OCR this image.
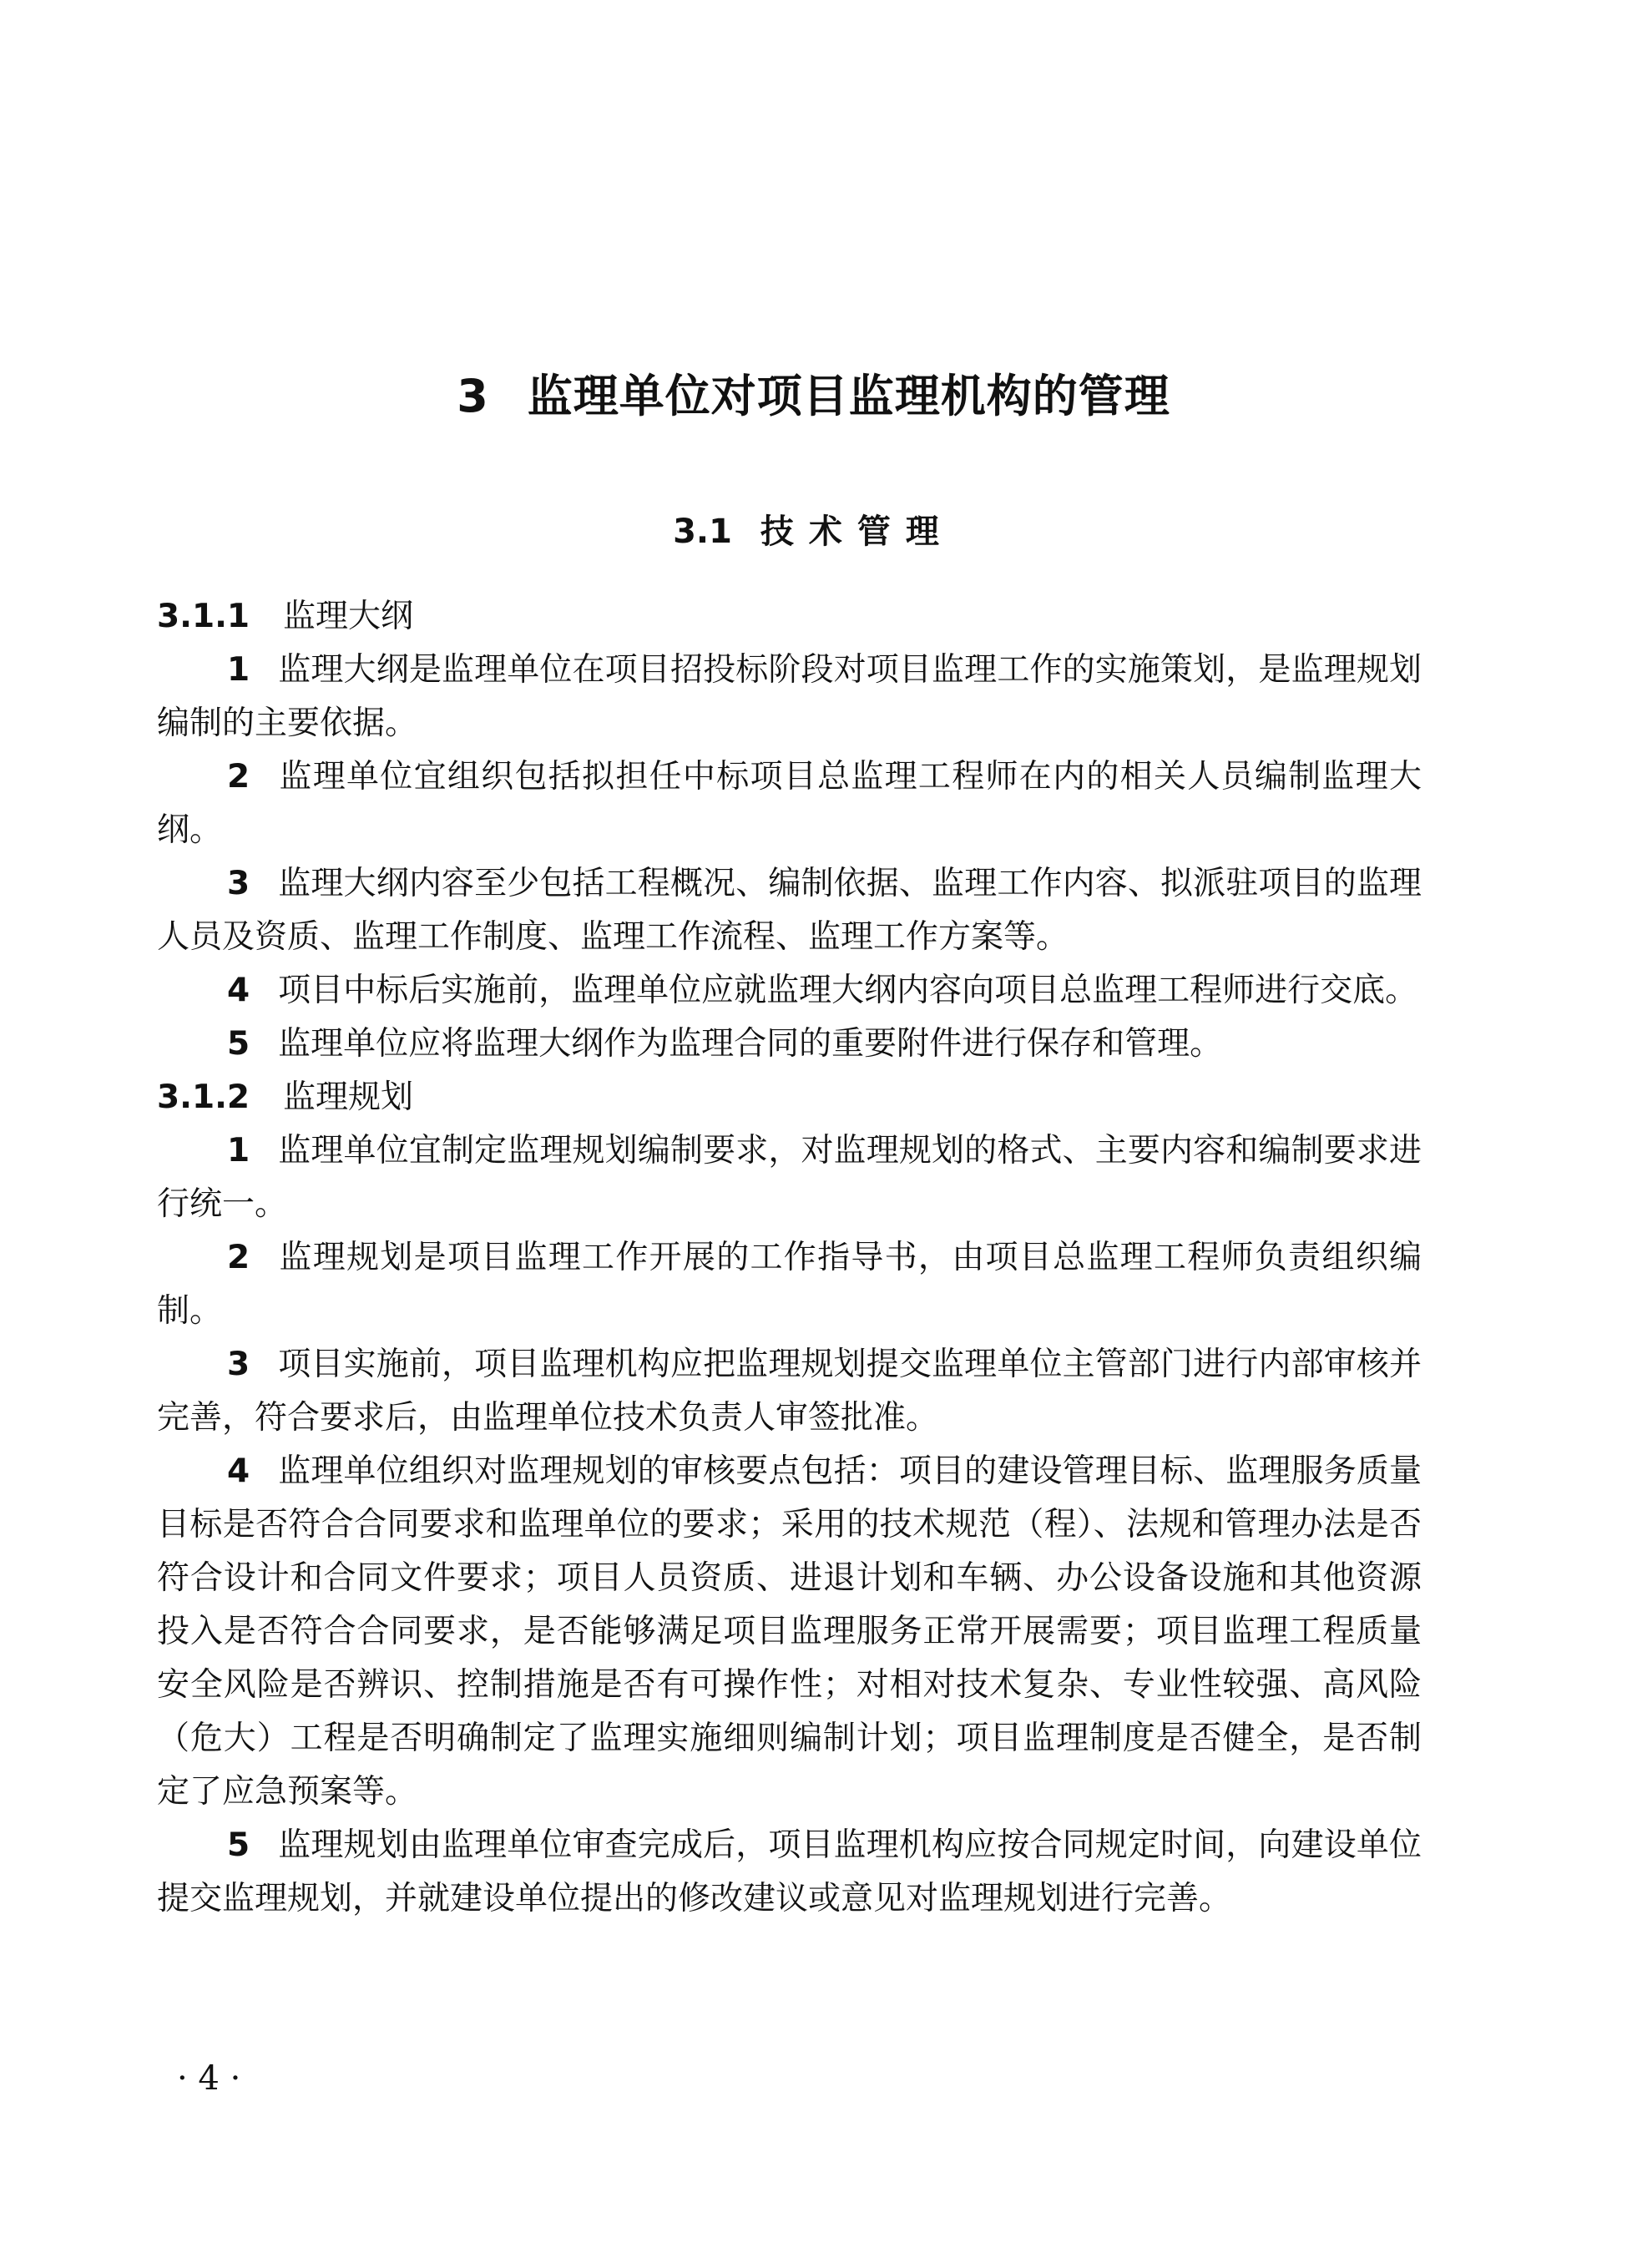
3 监理单位对项目监理机构的管理
3.1 技术管理

3.1.1 监理大纲

1 监理大纲是监理单位在项目招投标阶段对项目监理工作的实施策划，是监理规划编制的主要依据。

2 监理单位宜组织包括拟担任中标项目总监理工程师在内的相关人员编制监理大纲。

3 监理大纲内容至少包括工程概况、编制依据、监理工作内容、拟派驻项目的监理人员及资质、监理工作制度、监理工作流程、监理工作方案等。

4 项目中标后实施前，监理单位应就监理大纲内容向项目总监理工程师进行交底。

5 监理单位应将监理大纲作为监理合同的重要附件进行保存和管理。

3.1.2 监理规划

1 监理单位宜制定监理规划编制要求，对监理规划的格式、主要内容和编制要求进行统一。

2 监理规划是项目监理工作开展的工作指导书，由项目总监理工程师负责组织编制。

3 项目实施前，项目监理机构应把监理规划提交监理单位主管部门进行内部审核并完善，符合要求后，由监理单位技术负责人审签批准。

4 监理单位组织对监理规划的审核要点包括：项目的建设管理目标、监理服务质量目标是否符合合同要求和监理单位的要求；采用的技术规范（程）、法规和管理办法是否符合设计和合同文件要求；项目人员资质、进退计划和车辆、办公设备设施和其他资源投入是否符合合同要求，是否能够满足项目监理服务正常开展需要；项目监理工程质量安全风险是否辨识、控制措施是否有可操作性；对相对技术复杂、专业性较强、高风险（危大）工程是否明确制定了监理实施细则编制计划；项目监理制度是否健全，是否制定了应急预案等。

5 监理规划由监理单位审查完成后，项目监理机构应按合同规定时间，向建设单位提交监理规划，并就建设单位提出的修改建议或意见对监理规划进行完善。

· 4 ·
